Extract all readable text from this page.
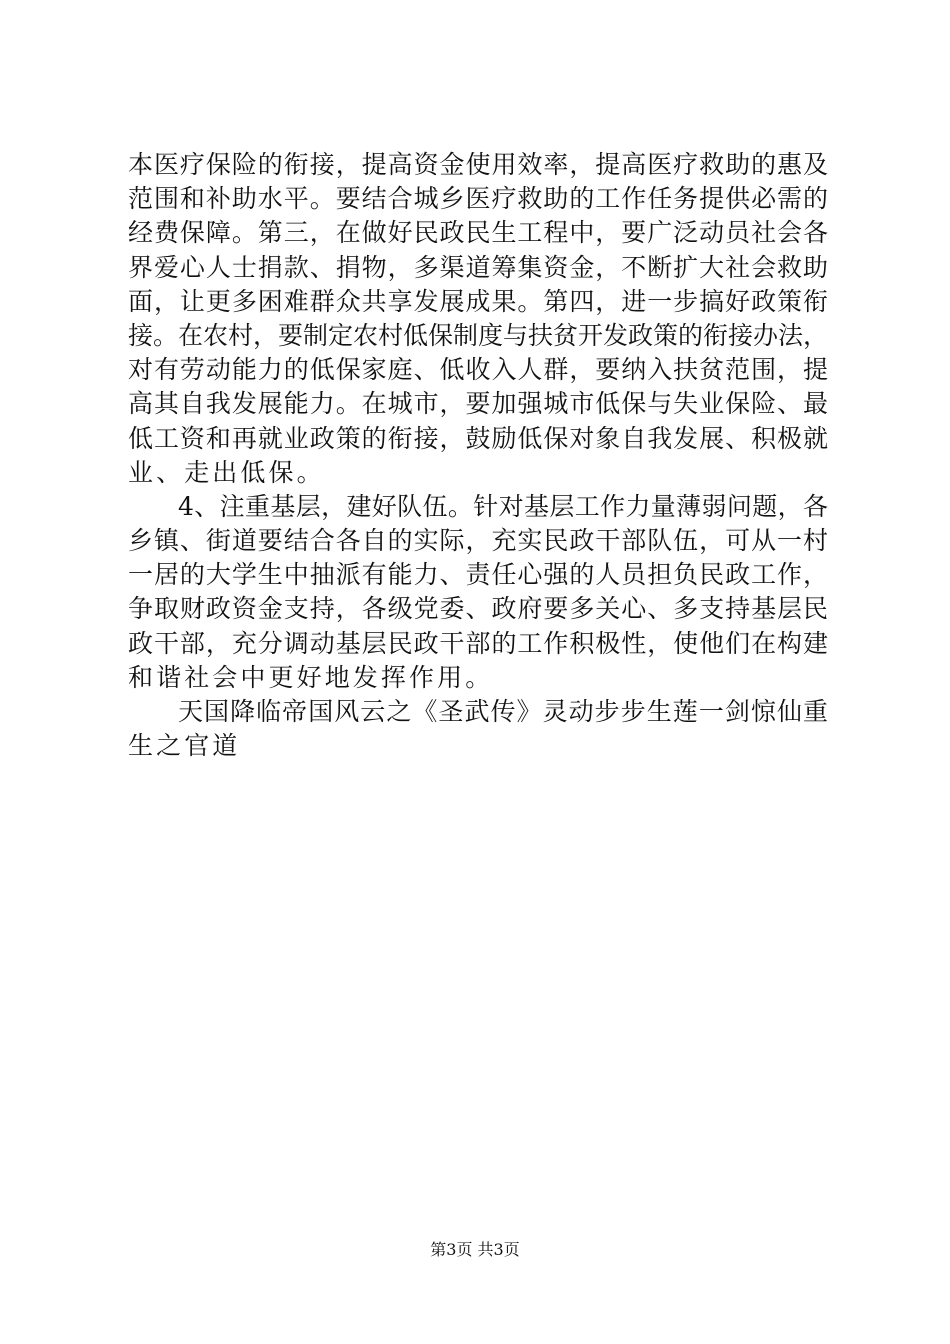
本医疗保险的衔接，提高资金使用效率，提高医疗救助的惠及
范围和补助水平。要结合城乡医疗救助的工作任务提供必需的
经费保障。第三，在做好民政民生工程中，要广泛动员社会各
界爱心人士捐款、捐物，多渠道筹集资金，不断扩大社会救助
面，让更多困难群众共享发展成果。第四，进一步搞好政策衔
接。在农村，要制定农村低保制度与扶贫开发政策的衔接办法，
对有劳动能力的低保家庭、低收入人群，要纳入扶贫范围，提
高其自我发展能力。在城市，要加强城市低保与失业保险、最
低工资和再就业政策的衔接，鼓励低保对象自我发展、积极就
业、走出低保。
4、注重基层，建好队伍。针对基层工作力量薄弱问题，各
乡镇、街道要结合各自的实际，充实民政干部队伍，可从一村
一居的大学生中抽派有能力、责任心强的人员担负民政工作，
争取财政资金支持，各级党委、政府要多关心、多支持基层民
政干部，充分调动基层民政干部的工作积极性，使他们在构建
和谐社会中更好地发挥作用。
天国降临帝国风云之《圣武传》灵动步步生莲一剑惊仙重
生之官道
第3页 共3页
